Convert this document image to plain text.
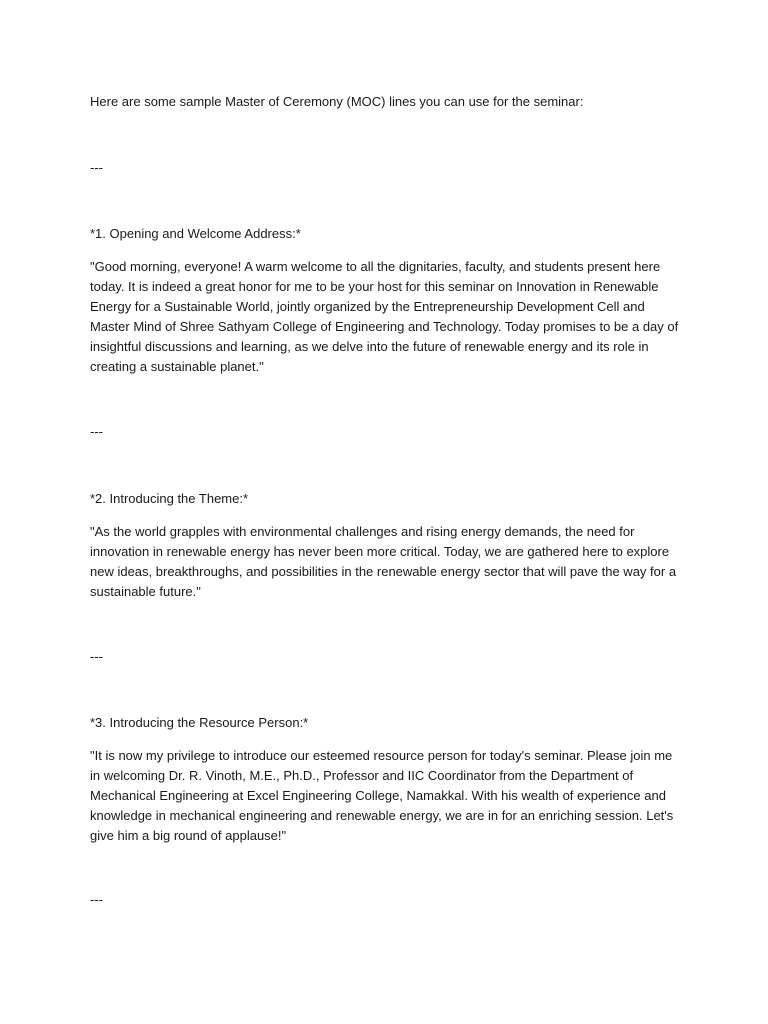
Here are some sample Master of Ceremony (MOC) lines you can use for the seminar:

---

*1. Opening and Welcome Address:*

"Good morning, everyone! A warm welcome to all the dignitaries, faculty, and students present here today. It is indeed a great honor for me to be your host for this seminar on Innovation in Renewable Energy for a Sustainable World, jointly organized by the Entrepreneurship Development Cell and Master Mind of Shree Sathyam College of Engineering and Technology. Today promises to be a day of insightful discussions and learning, as we delve into the future of renewable energy and its role in creating a sustainable planet."

---

*2. Introducing the Theme:*

"As the world grapples with environmental challenges and rising energy demands, the need for innovation in renewable energy has never been more critical. Today, we are gathered here to explore new ideas, breakthroughs, and possibilities in the renewable energy sector that will pave the way for a sustainable future."

---

*3. Introducing the Resource Person:*

"It is now my privilege to introduce our esteemed resource person for today's seminar. Please join me in welcoming Dr. R. Vinoth, M.E., Ph.D., Professor and IIC Coordinator from the Department of Mechanical Engineering at Excel Engineering College, Namakkal. With his wealth of experience and knowledge in mechanical engineering and renewable energy, we are in for an enriching session. Let's give him a big round of applause!"

---
